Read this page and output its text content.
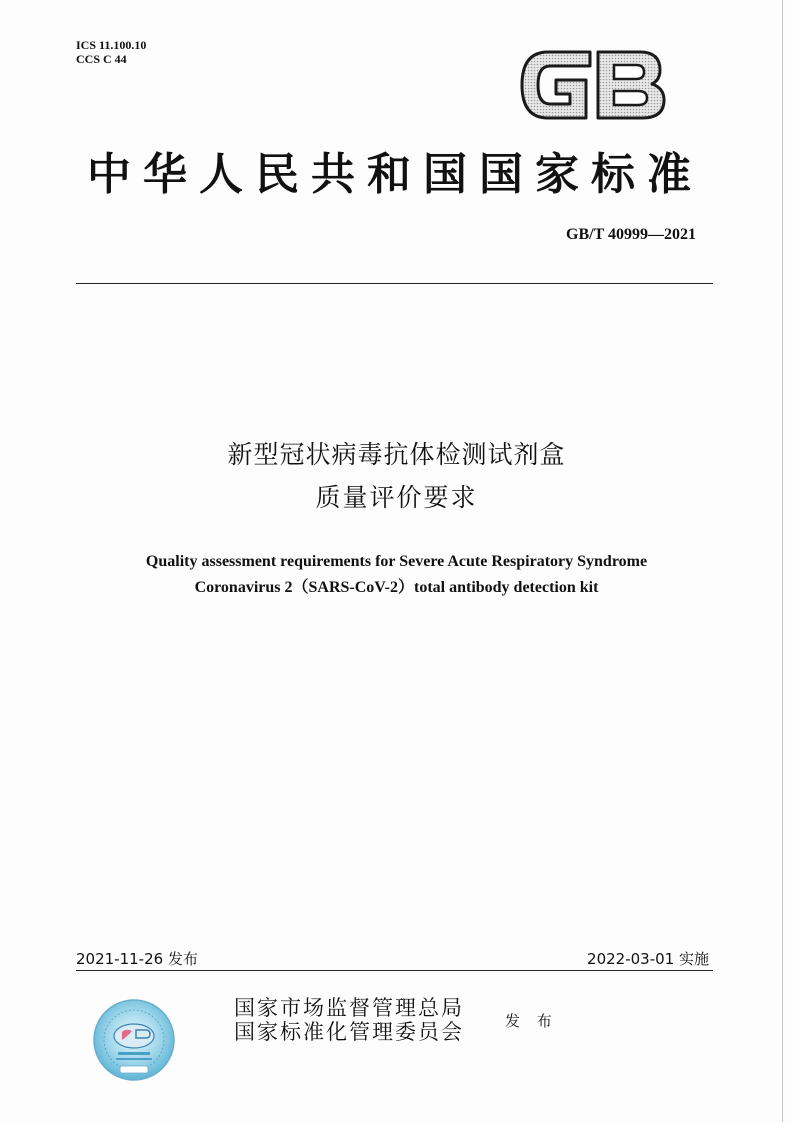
ICS 11.100.10
CCS C 44
中华人民共和国国家标准
GB/T 40999—2021
新型冠状病毒抗体检测试剂盒
质量评价要求
Quality assessment requirements for Severe Acute Respiratory Syndrome
Coronavirus 2（SARS-CoV-2）total antibody detection kit
2021-11-26 发布	2022-03-01 实施
国家市场监督管理总局
国家标准化管理委员会	发 布
